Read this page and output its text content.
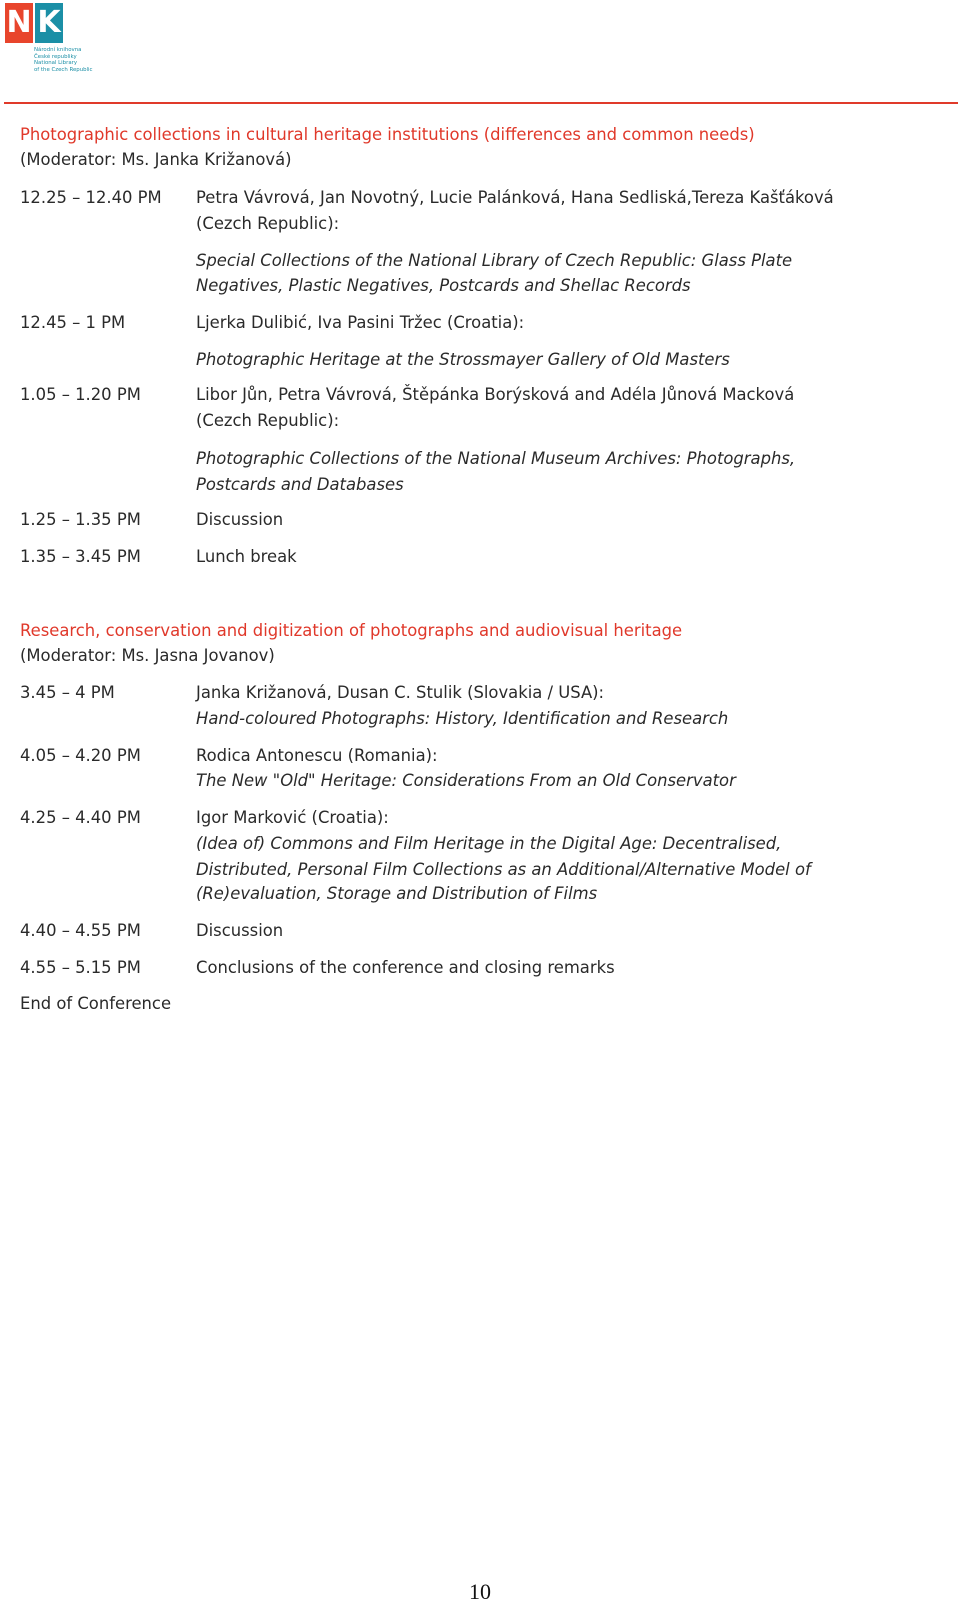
N K
Národní knihovna
České republiky
National Library
of the Czech Republic
Photographic collections in cultural heritage institutions (differences and common needs)
(Moderator: Ms. Janka Križanová)
12.25 – 12.40 PM Petra Vávrová, Jan Novotný, Lucie Palánková, Hana Sedliská,Tereza Kašťáková
(Cezch Republic):
Special Collections of the National Library of Czech Republic: Glass Plate
Negatives, Plastic Negatives, Postcards and Shellac Records
12.45 – 1 PM	Ljerka Dulibić, Iva Pasini Tržec (Croatia):
Photographic Heritage at the Strossmayer Gallery of Old Masters
1.05 – 1.20 PM	Libor Jůn, Petra Vávrová, Štěpánka Borýsková and Adéla Jůnová Macková
(Cezch Republic):
Photographic Collections of the National Museum Archives: Photographs,
Postcards and Databases
1.25 – 1.35 PM	Discussion
1.35 – 3.45 PM	Lunch break
Research, conservation and digitization of photographs and audiovisual heritage
(Moderator: Ms. Jasna Jovanov)
3.45 – 4 PM	Janka Križanová, Dusan C. Stulik (Slovakia / USA):
Hand-coloured Photographs: History, Identification and Research
4.05 – 4.20 PM	Rodica Antonescu (Romania):
The New "Old" Heritage: Considerations From an Old Conservator
4.25 – 4.40 PM	Igor Marković (Croatia):
(Idea of) Commons and Film Heritage in the Digital Age: Decentralised,
Distributed, Personal Film Collections as an Additional/Alternative Model of
(Re)evaluation, Storage and Distribution of Films
4.40 – 4.55 PM	Discussion
4.55 – 5.15 PM	Conclusions of the conference and closing remarks
End of Conference
10
